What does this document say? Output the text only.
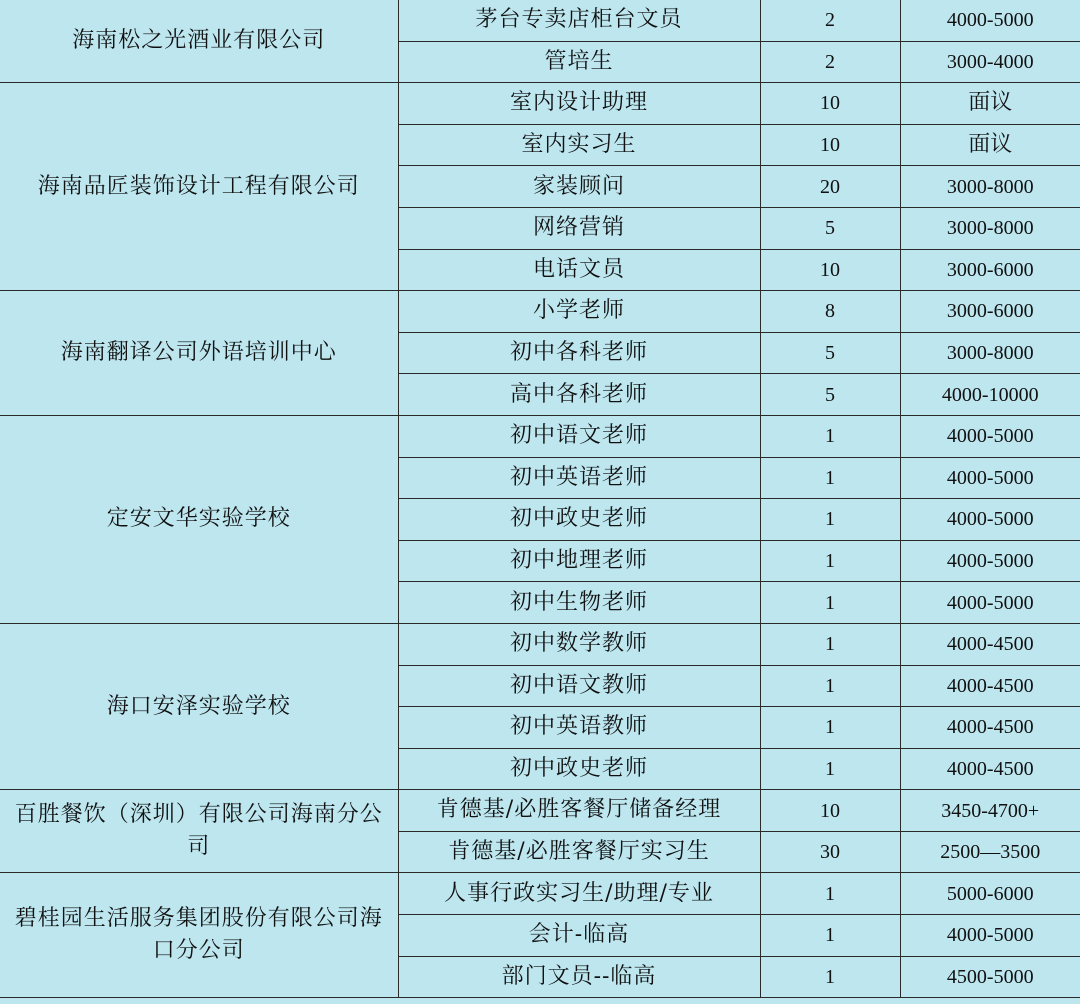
海南松之光酒业有限公司	茅台专卖店柜台文员	2	4000-5000
	管培生	2	3000-4000
海南品匠装饰设计工程有限公司	室内设计助理	10	面议
	室内实习生	10	面议
	家装顾问	20	3000-8000
	网络营销	5	3000-8000
	电话文员	10	3000-6000
海南翻译公司外语培训中心	小学老师	8	3000-6000
	初中各科老师	5	3000-8000
	高中各科老师	5	4000-10000
定安文华实验学校	初中语文老师	1	4000-5000
	初中英语老师	1	4000-5000
	初中政史老师	1	4000-5000
	初中地理老师	1	4000-5000
	初中生物老师	1	4000-5000
海口安泽实验学校	初中数学教师	1	4000-4500
	初中语文教师	1	4000-4500
	初中英语教师	1	4000-4500
	初中政史老师	1	4000-4500
百胜餐饮（深圳）有限公司海南分公司	肯德基/必胜客餐厅储备经理	10	3450-4700+
	肯德基/必胜客餐厅实习生	30	2500—3500
碧桂园生活服务集团股份有限公司海口分公司	人事行政实习生/助理/专业	1	5000-6000
	会计-临高	1	4000-5000
	部门文员--临高	1	4500-5000
